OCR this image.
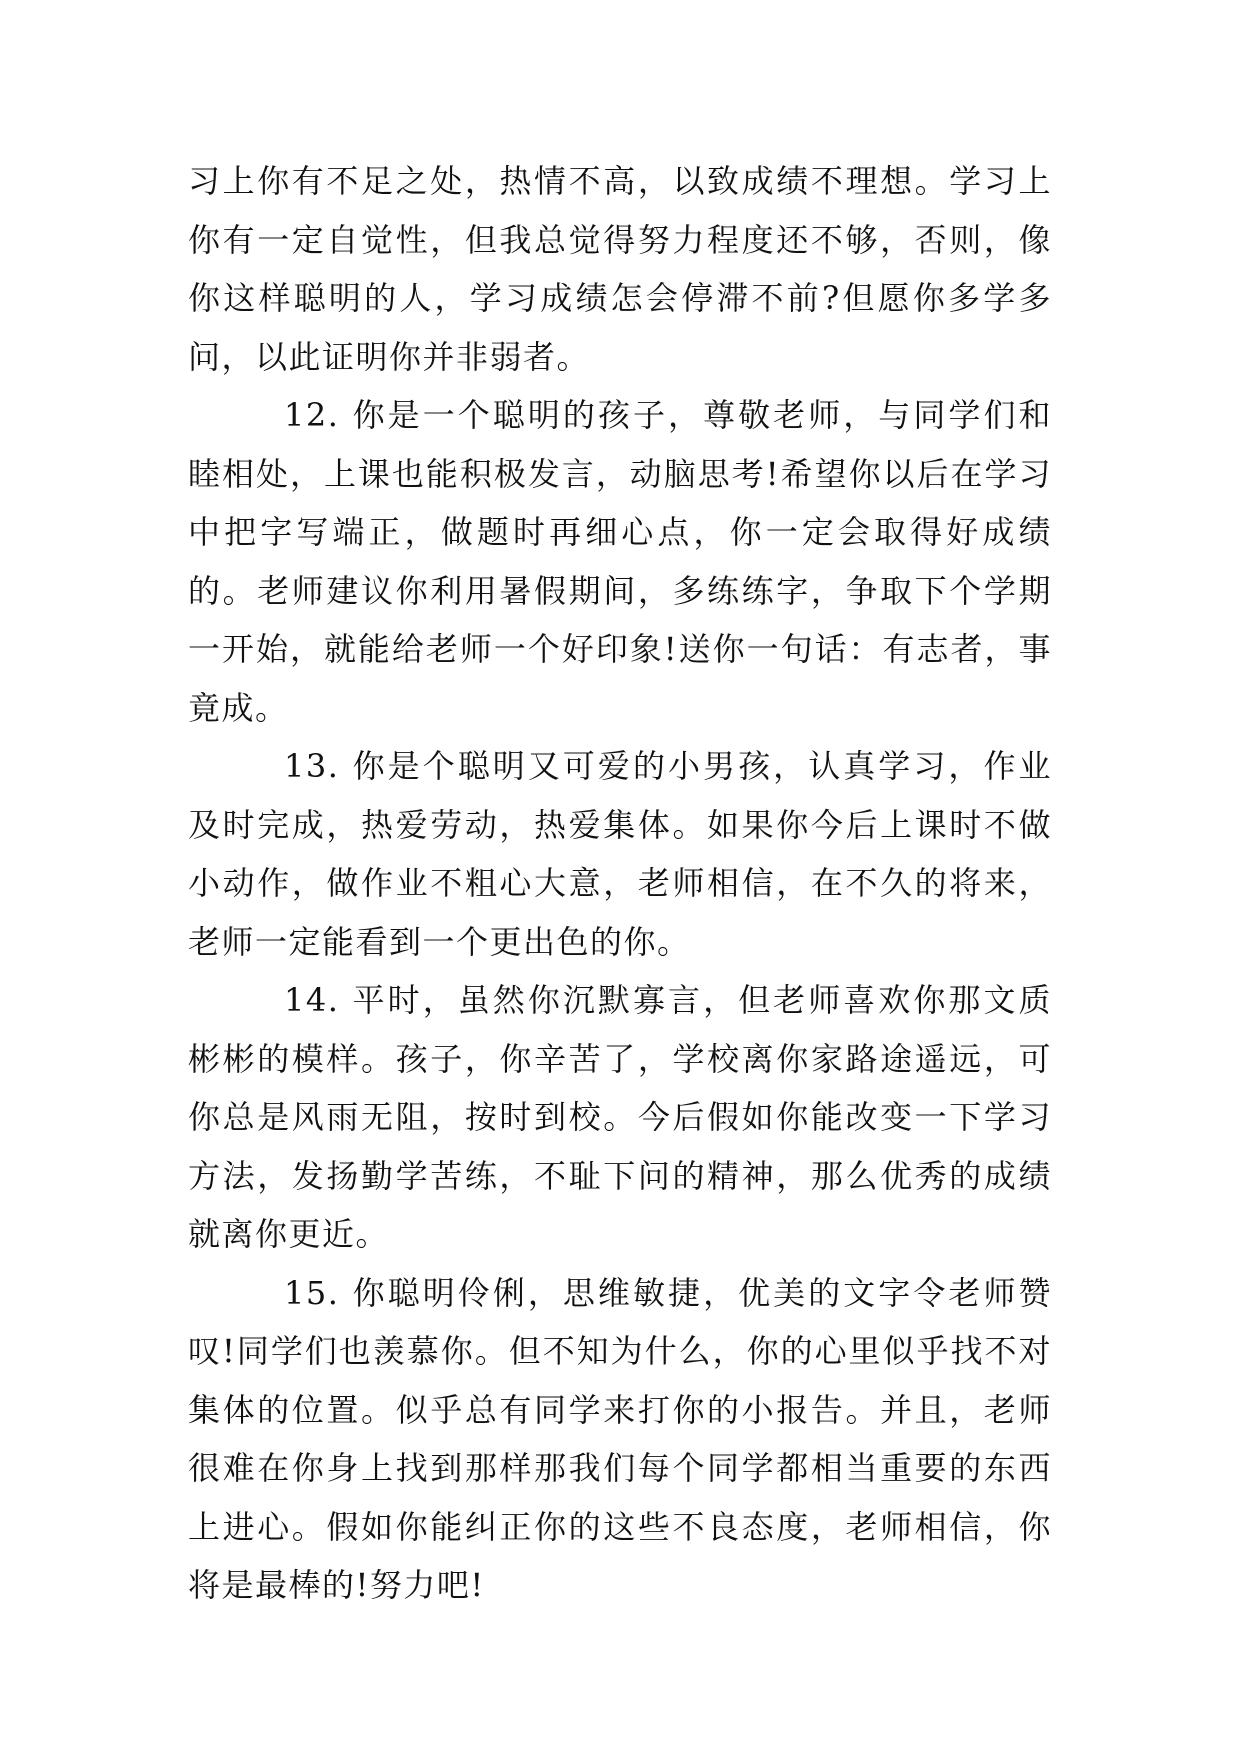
习上你有不足之处，热情不高，以致成绩不理想。学习上你有一定自觉性，但我总觉得努力程度还不够，否则，像你这样聪明的人，学习成绩怎会停滞不前?但愿你多学多问，以此证明你并非弱者。

12. 你是一个聪明的孩子，尊敬老师，与同学们和睦相处，上课也能积极发言，动脑思考!希望你以后在学习中把字写端正，做题时再细心点，你一定会取得好成绩的。老师建议你利用暑假期间，多练练字，争取下个学期一开始，就能给老师一个好印象!送你一句话：有志者，事竟成。

13. 你是个聪明又可爱的小男孩，认真学习，作业及时完成，热爱劳动，热爱集体。如果你今后上课时不做小动作，做作业不粗心大意，老师相信，在不久的将来，老师一定能看到一个更出色的你。

14. 平时，虽然你沉默寡言，但老师喜欢你那文质彬彬的模样。孩子，你辛苦了，学校离你家路途遥远，可你总是风雨无阻，按时到校。今后假如你能改变一下学习方法，发扬勤学苦练，不耻下问的精神，那么优秀的成绩就离你更近。

15. 你聪明伶俐，思维敏捷，优美的文字令老师赞叹!同学们也羡慕你。但不知为什么，你的心里似乎找不对集体的位置。似乎总有同学来打你的小报告。并且，老师很难在你身上找到那样那我们每个同学都相当重要的东西上进心。假如你能纠正你的这些不良态度，老师相信，你将是最棒的!努力吧!
